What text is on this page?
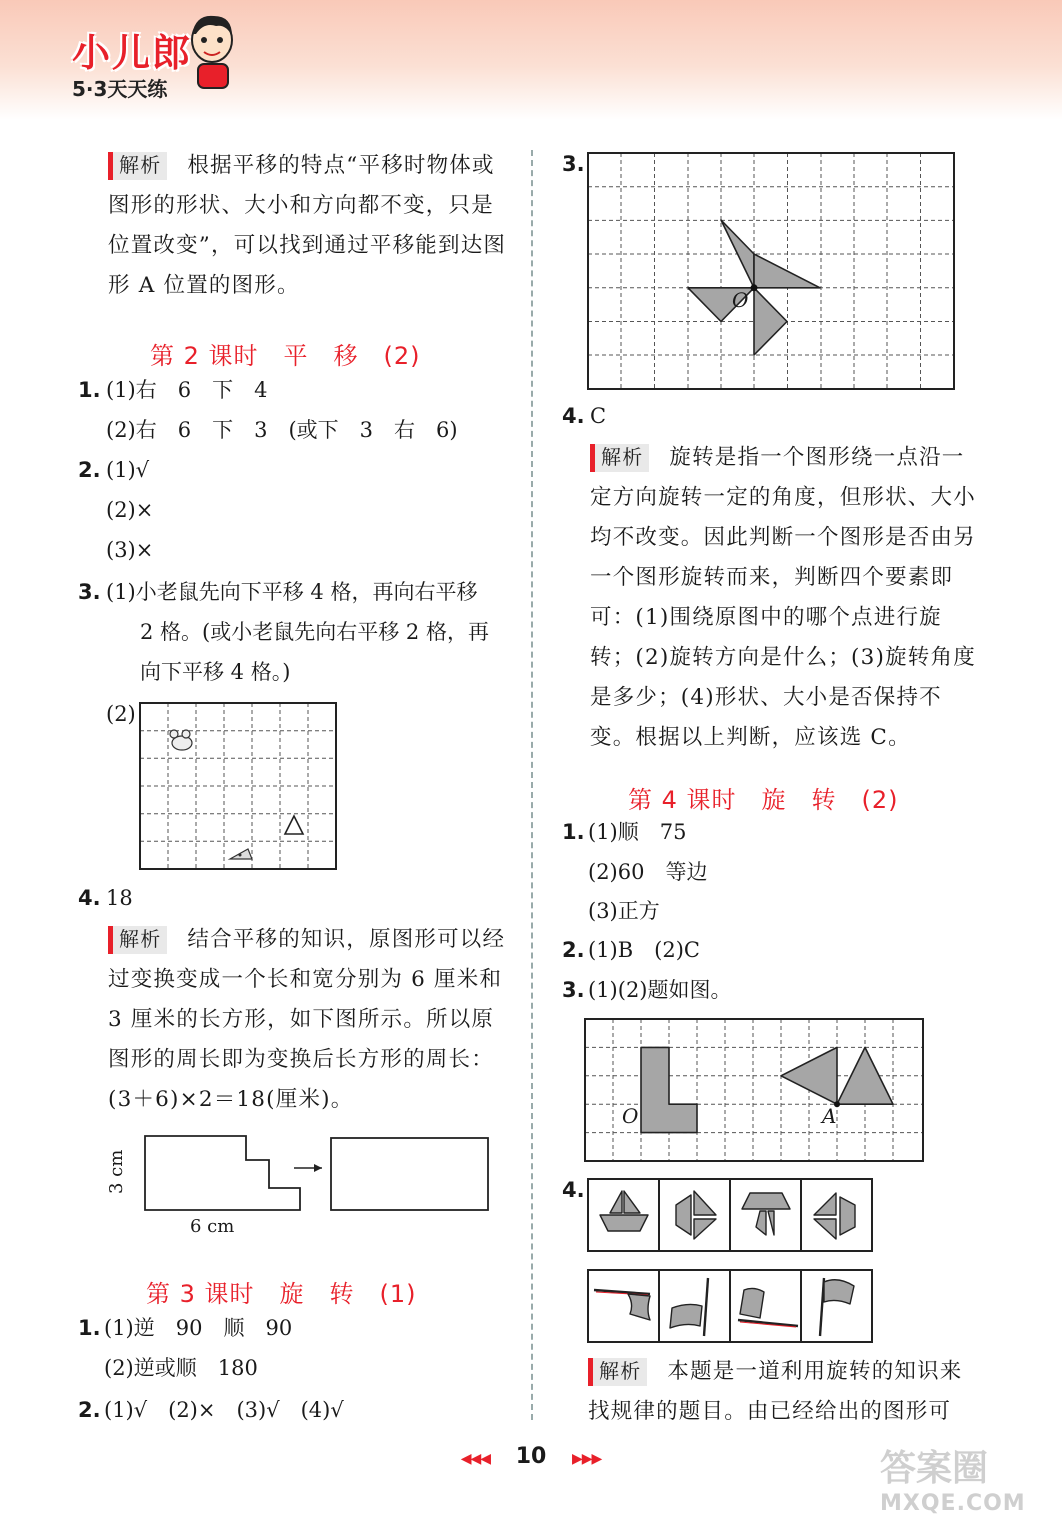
小儿郎
5·3天天练
解析 根据平移的特点“平移时物体或图形的形状、大小和方向都不变，只是位置改变”，可以找到通过平移能到达图形 A 位置的图形。
第 2 课时　平　移　(2)
1. (1)右　6　下　4
(2)右　6　下　3　(或下　3　右　6)
2. (1)√
(2)×
(3)×
3. (1)小老鼠先向下平移 4 格，再向右平移
2 格。(或小老鼠先向右平移 2 格，再
向下平移 4 格。)
(2)
4. 18
解析 结合平移的知识，原图形可以经过变换变成一个长和宽分别为 6 厘米和 3 厘米的长方形，如下图所示。所以原图形的周长即为变换后长方形的周长：(3＋6)×2＝18(厘米)。
3 cm
6 cm
第 3 课时　旋　转　(1)
1. (1)逆　90　顺　90
(2)逆或顺　180
2. (1)√　(2)×　(3)√　(4)√
3.
O
4. C
解析 旋转是指一个图形绕一点沿一定方向旋转一定的角度，但形状、大小均不改变。因此判断一个图形是否由另一个图形旋转而来，判断四个要素即可：(1)围绕原图中的哪个点进行旋转；(2)旋转方向是什么；(3)旋转角度是多少；(4)形状、大小是否保持不变。根据以上判断，应该选 C。
第 4 课时　旋　转　(2)
1. (1)顺　75
(2)60　等边
(3)正方
2. (1)B　(2)C
3. (1)(2)题如图。
O	A
4.
解析 本题是一道利用旋转的知识来找规律的题目。由已经给出的图形可
◀◀◀ 10 ▶▶▶	答案圈
MXQE.COM
